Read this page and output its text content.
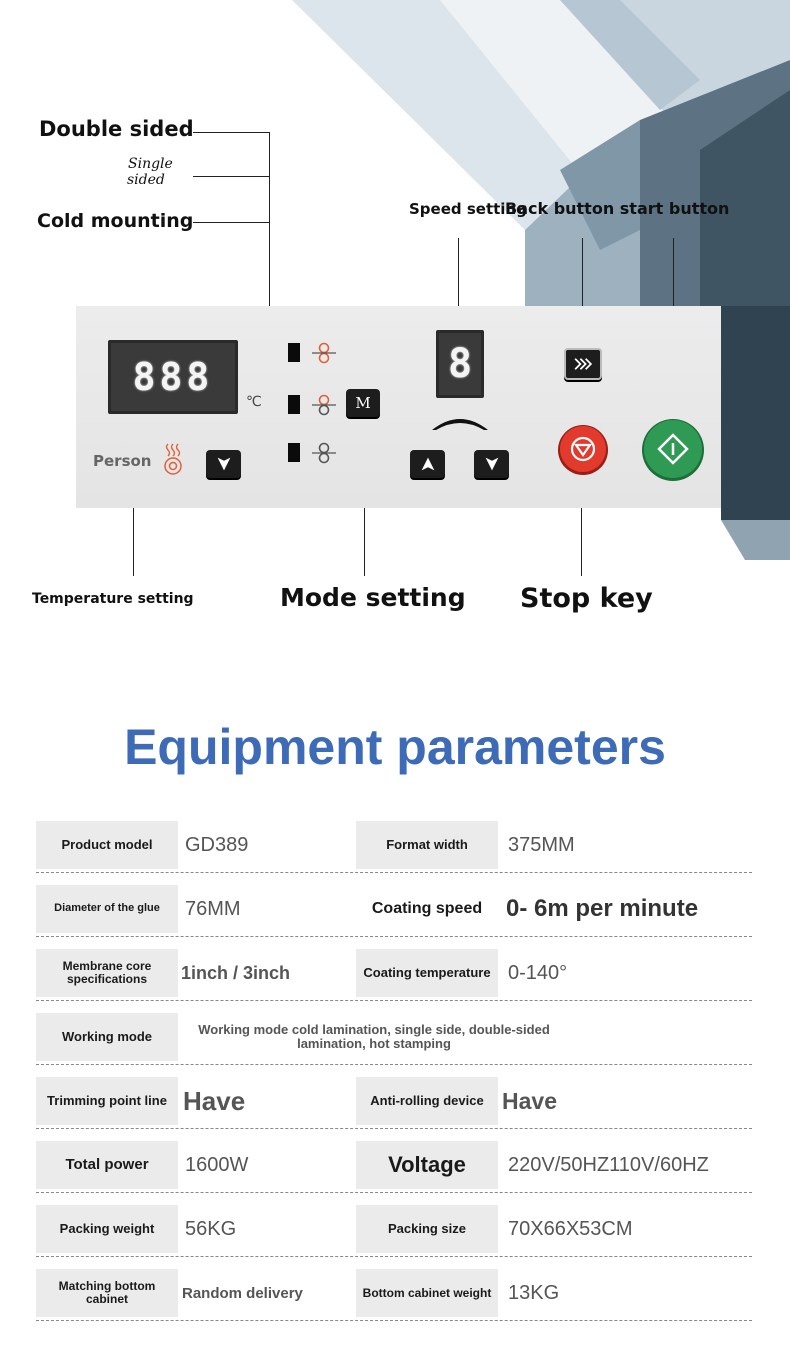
Double sided
Single
sided
Cold mounting
Speed setting
Back button start button
Temperature setting	Mode setting Stop key
888
℃	M
8
Person
Equipment parameters
Product model	GD389	Format width	375MM
Diameter of the glue	76MM	Coating speed 0- 6m per minute
Membrane core specifications	1inch / 3inch	Coating temperature 0-140°
Working mode	Working mode cold lamination, single side, double-sided lamination, hot stamping
Trimming point line Have	Anti-rolling device Have
Total power	1600W	Voltage	220V/50HZ110V/60HZ
Packing weight	56KG	Packing size	70X66X53CM
Matching bottom cabinet	Random delivery	Bottom cabinet weight 13KG
